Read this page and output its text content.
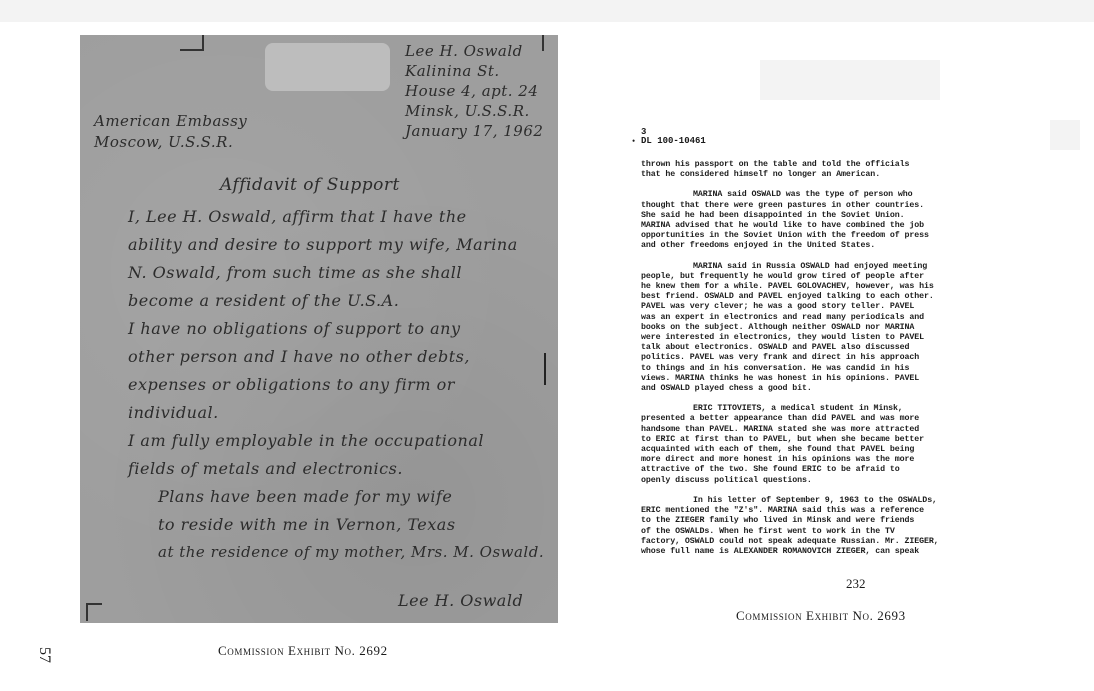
Lee H. Oswald
Kalinina St.
House 4, apt. 24
Minsk, U.S.S.R.
January 17, 1962
American Embassy
Moscow, U.S.S.R.
Affidavit of Support
I, Lee H. Oswald, affirm that I have the
ability and desire to support my wife, Marina
N. Oswald, from such time as she shall
become a resident of the U.S.A.
I have no obligations of support to any
other person and I have no other debts,
expenses or obligations to any firm or
individual.
I am fully employable in the occupational
fields of metals and electronics.
Plans have been made for my wife
to reside with me in Vernon, Texas
at the residence of my mother, Mrs. M. Oswald.
Lee H. Oswald
Commission Exhibit No. 2692
57
•
3
DL 100-10461

thrown his passport on the table and told the officials

that he considered himself no longer an American.

MARINA said OSWALD was the type of person who

thought that there were green pastures in other countries.

She said he had been disappointed in the Soviet Union.

MARINA advised that he would like to have combined the job

opportunities in the Soviet Union with the freedom of press

and other freedoms enjoyed in the United States.

MARINA said in Russia OSWALD had enjoyed meeting

people, but frequently he would grow tired of people after

he knew them for a while. PAVEL GOLOVACHEV, however, was his

best friend. OSWALD and PAVEL enjoyed talking to each other.

PAVEL was very clever; he was a good story teller. PAVEL

was an expert in electronics and read many periodicals and

books on the subject. Although neither OSWALD nor MARINA

were interested in electronics, they would listen to PAVEL

talk about electronics. OSWALD and PAVEL also discussed

politics. PAVEL was very frank and direct in his approach

to things and in his conversation. He was candid in his

views. MARINA thinks he was honest in his opinions. PAVEL

and OSWALD played chess a good bit.

ERIC TITOVIETS, a medical student in Minsk,

presented a better appearance than did PAVEL and was more

handsome than PAVEL. MARINA stated she was more attracted

to ERIC at first than to PAVEL, but when she became better

acquainted with each of them, she found that PAVEL being

more direct and more honest in his opinions was the more

attractive of the two. She found ERIC to be afraid to

openly discuss political questions.

In his letter of September 9, 1963 to the OSWALDs,

ERIC mentioned the "Z's". MARINA said this was a reference

to the ZIEGER family who lived in Minsk and were friends

of the OSWALDs. When he first went to work in the TV

factory, OSWALD could not speak adequate Russian. Mr. ZIEGER,

whose full name is ALEXANDER ROMANOVICH ZIEGER, can speak

232
Commission Exhibit No. 2693
